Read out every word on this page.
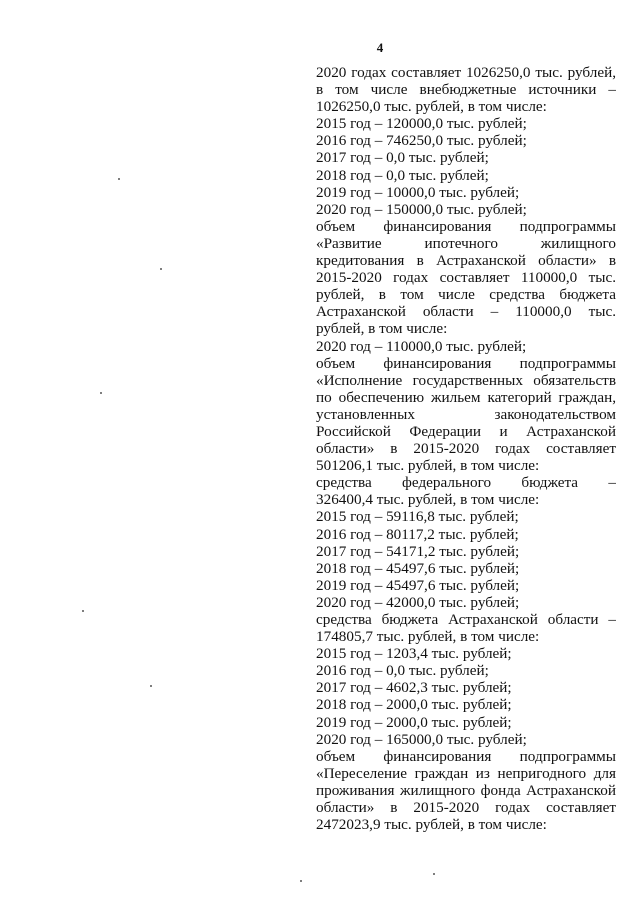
4
2020 годах составляет 1026250,0 тыс. рублей,
в том числе внебюджетные источники –
1026250,0 тыс. рублей, в том числе:
2015 год – 120000,0 тыс. рублей;
2016 год – 746250,0 тыс. рублей;
2017 год – 0,0 тыс. рублей;
2018 год – 0,0 тыс. рублей;
2019 год – 10000,0 тыс. рублей;
2020 год – 150000,0 тыс. рублей;
объем финансирования подпрограммы
«Развитие ипотечного жилищного
кредитования в Астраханской области» в
2015-2020 годах составляет 110000,0 тыс.
рублей, в том числе средства бюджета
Астраханской области – 110000,0 тыс.
рублей, в том числе:
2020 год – 110000,0 тыс. рублей;
объем финансирования подпрограммы
«Исполнение государственных обязательств
по обеспечению жильем категорий граждан,
установленных законодательством
Российской Федерации и Астраханской
области» в 2015-2020 годах составляет
501206,1 тыс. рублей, в том числе:
средства федерального бюджета –
326400,4 тыс. рублей, в том числе:
2015 год – 59116,8 тыс. рублей;
2016 год – 80117,2 тыс. рублей;
2017 год – 54171,2 тыс. рублей;
2018 год – 45497,6 тыс. рублей;
2019 год – 45497,6 тыс. рублей;
2020 год – 42000,0 тыс. рублей;
средства бюджета Астраханской области –
174805,7 тыс. рублей, в том числе:
2015 год – 1203,4 тыс. рублей;
2016 год – 0,0 тыс. рублей;
2017 год – 4602,3 тыс. рублей;
2018 год – 2000,0 тыс. рублей;
2019 год – 2000,0 тыс. рублей;
2020 год – 165000,0 тыс. рублей;
объем финансирования подпрограммы
«Переселение граждан из непригодного для
проживания жилищного фонда Астраханской
области» в 2015-2020 годах составляет
2472023,9 тыс. рублей, в том числе:
